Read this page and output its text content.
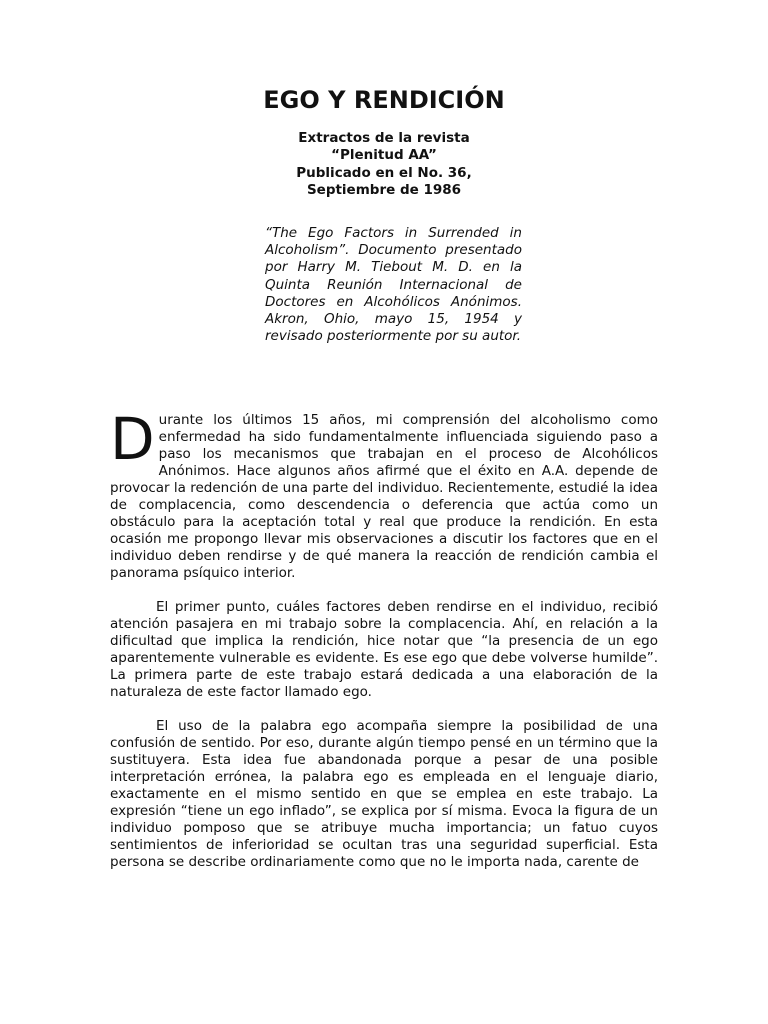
EGO Y RENDICIÓN
Extractos de la revista
“Plenitud AA”
Publicado en el No. 36,
Septiembre de 1986
“The Ego Factors in Surrended in Alcoholism”. Documento presentado por Harry M. Tiebout M. D. en la Quinta Reunión Internacional de Doctores en Alcohólicos Anónimos. Akron, Ohio, mayo 15, 1954 y revisado posteriormente por su autor.

Durante los últimos 15 años, mi comprensión del alcoholismo como enfermedad ha sido fundamentalmente influenciada siguiendo paso a paso los mecanismos que trabajan en el proceso de Alcohólicos Anónimos. Hace algunos años afirmé que el éxito en A.A. depende de provocar la redención de una parte del individuo. Recientemente, estudié la idea de complacencia, como descendencia o deferencia que actúa como un obstáculo para la aceptación total y real que produce la rendición. En esta ocasión me propongo llevar mis observaciones a discutir los factores que en el individuo deben rendirse y de qué manera la reacción de rendición cambia el panorama psíquico interior.

El primer punto, cuáles factores deben rendirse en el individuo, recibió atención pasajera en mi trabajo sobre la complacencia. Ahí, en relación a la dificultad que implica la rendición, hice notar que “la presencia de un ego aparentemente vulnerable es evidente. Es ese ego que debe volverse humilde”. La primera parte de este trabajo estará dedicada a una elaboración de la naturaleza de este factor llamado ego.

El uso de la palabra ego acompaña siempre la posibilidad de una confusión de sentido. Por eso, durante algún tiempo pensé en un término que la sustituyera. Esta idea fue abandonada porque a pesar de una posible interpretación errónea, la palabra ego es empleada en el lenguaje diario, exactamente en el mismo sentido en que se emplea en este trabajo. La expresión “tiene un ego inflado”, se explica por sí misma. Evoca la figura de un individuo pomposo que se atribuye mucha importancia; un fatuo cuyos sentimientos de inferioridad se ocultan tras una seguridad superficial. Esta persona se describe ordinariamente como que no le importa nada, carente de
